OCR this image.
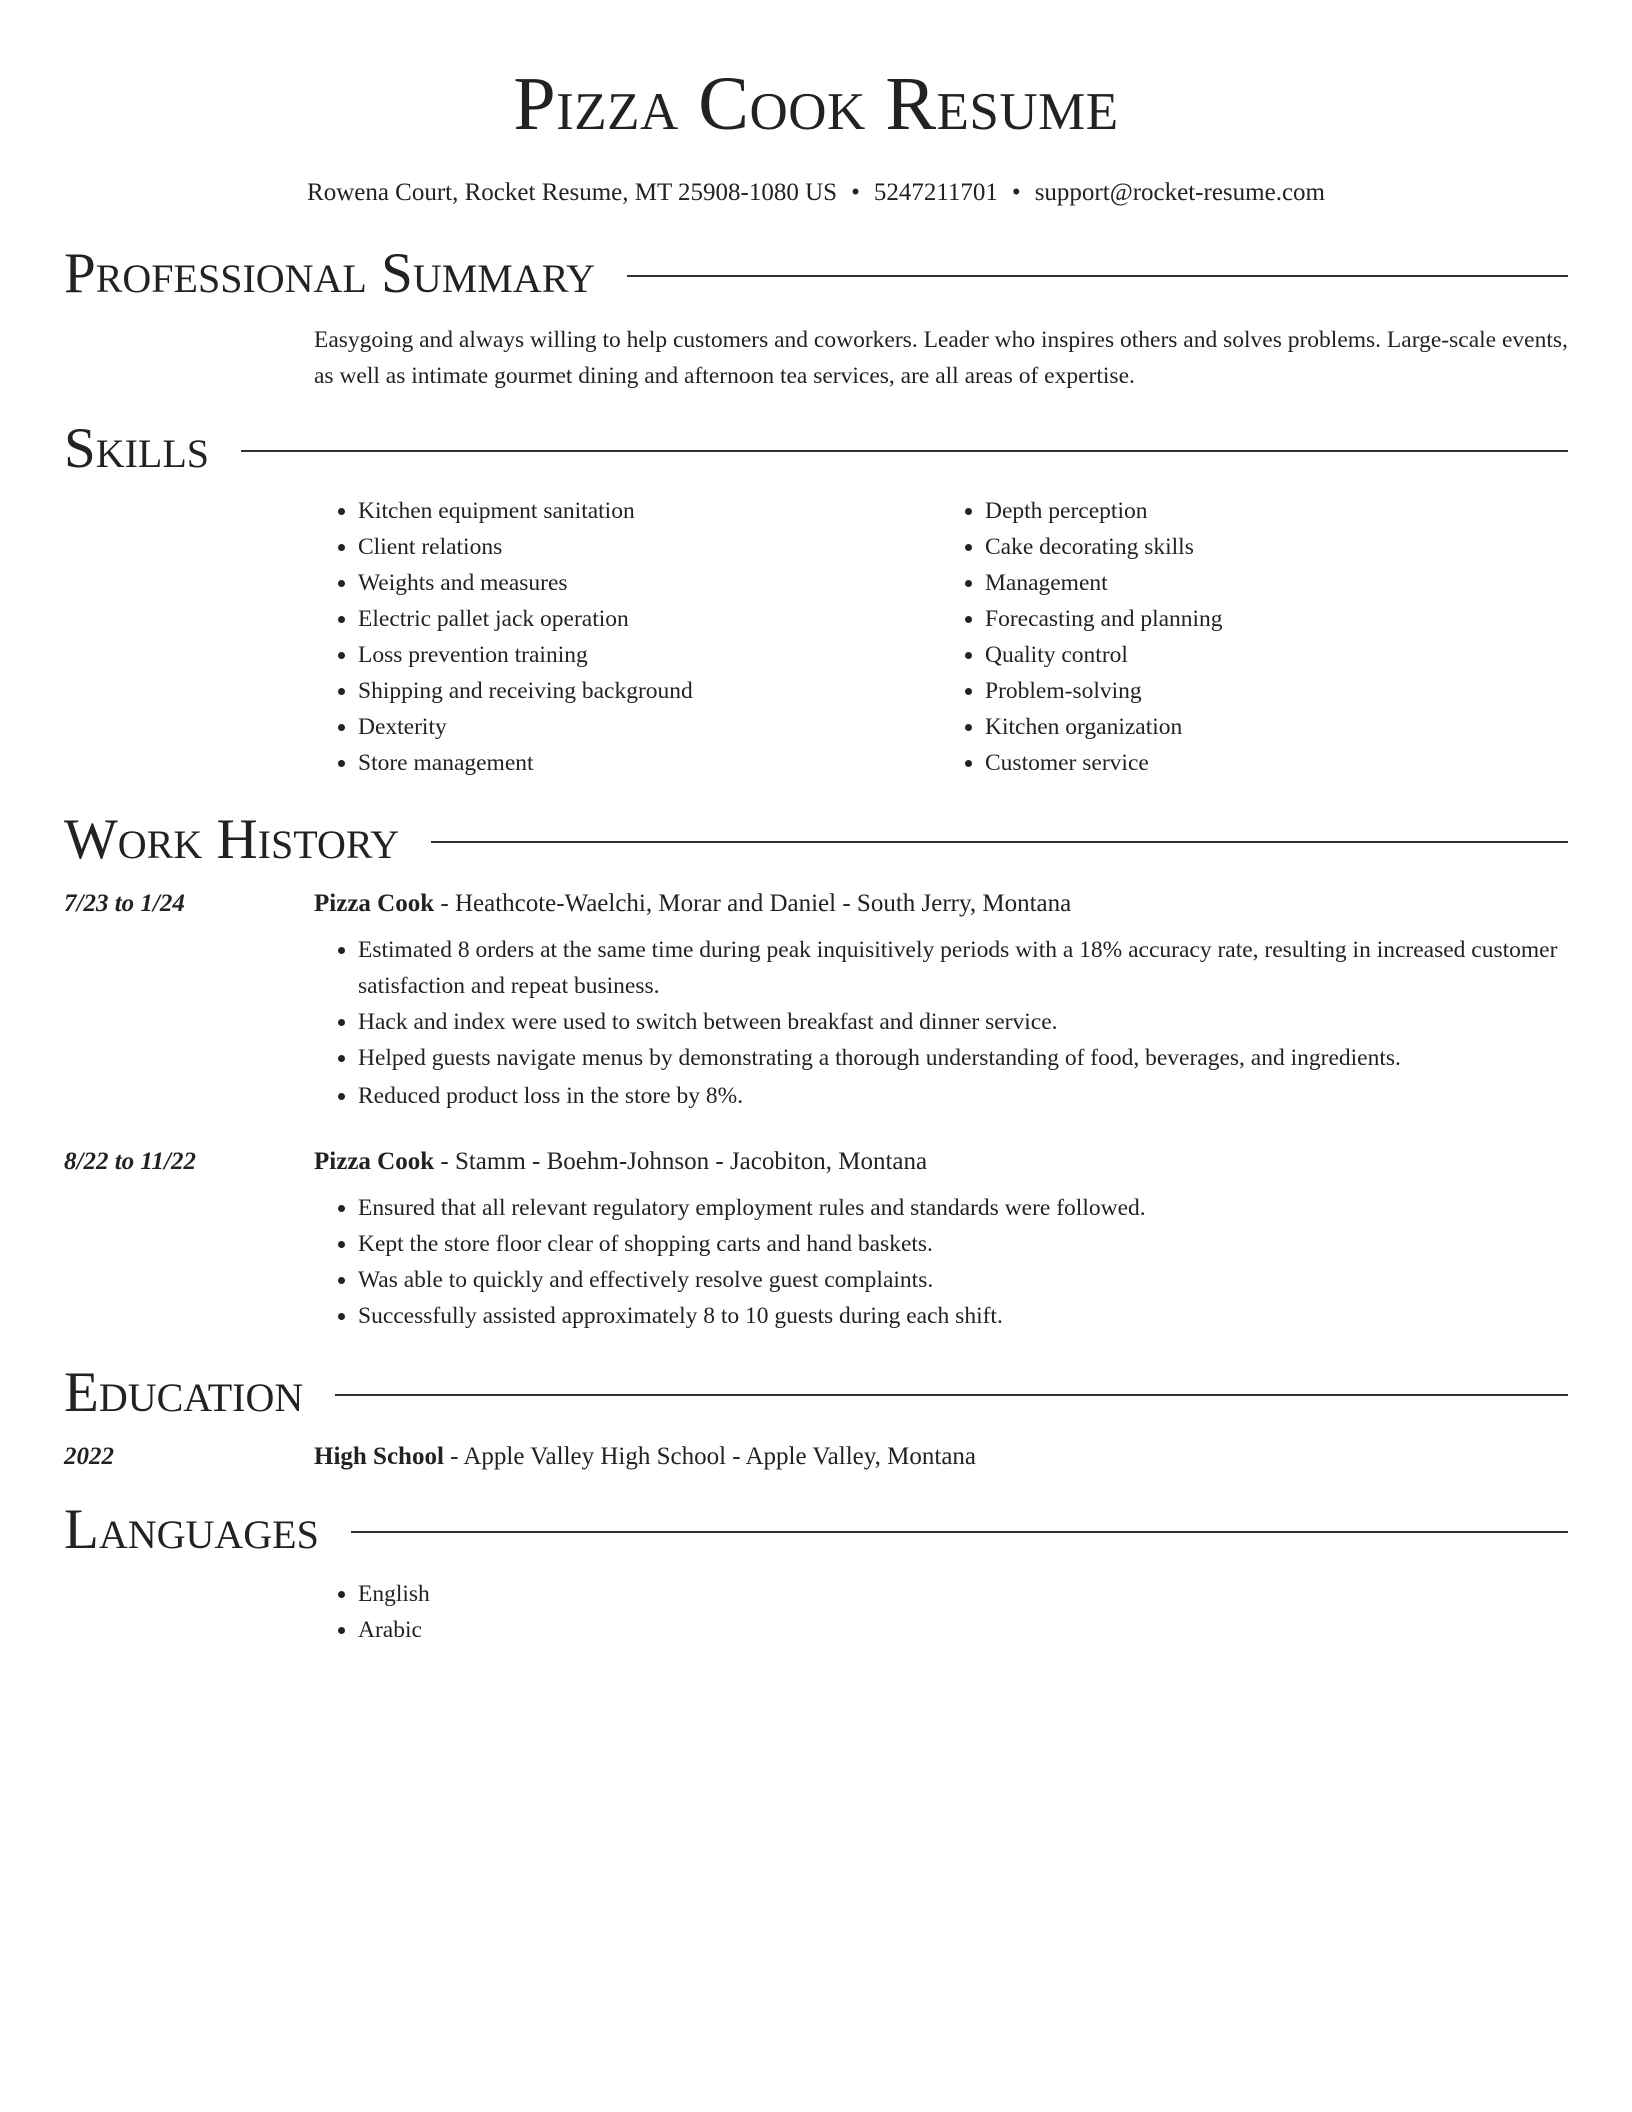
Pizza Cook Resume
Rowena Court, Rocket Resume, MT 25908-1080 US • 5247211701 • support@rocket-resume.com
Professional Summary

Easygoing and always willing to help customers and coworkers. Leader who inspires others and solves problems. Large-scale events, as well as intimate gourmet dining and afternoon tea services, are all areas of expertise.

Skills
• Kitchen equipment sanitation
• Client relations
• Weights and measures
• Electric pallet jack operation
• Loss prevention training
• Shipping and receiving background
• Dexterity
• Store management
• Depth perception
• Cake decorating skills
• Management
• Forecasting and planning
• Quality control
• Problem-solving
• Kitchen organization
• Customer service
Work History
7/23 to 1/24	Pizza Cook - Heathcote-Waelchi, Morar and Daniel - South Jerry, Montana
• Estimated 8 orders at the same time during peak inquisitively periods with a 18% accuracy rate, resulting in increased customer satisfaction and repeat business.
• Hack and index were used to switch between breakfast and dinner service.
• Helped guests navigate menus by demonstrating a thorough understanding of food, beverages, and ingredients.
• Reduced product loss in the store by 8%.
8/22 to 11/22	Pizza Cook - Stamm - Boehm-Johnson - Jacobiton, Montana
• Ensured that all relevant regulatory employment rules and standards were followed.
• Kept the store floor clear of shopping carts and hand baskets.
• Was able to quickly and effectively resolve guest complaints.
• Successfully assisted approximately 8 to 10 guests during each shift.
Education
2022	High School - Apple Valley High School - Apple Valley, Montana
Languages
• English
• Arabic
